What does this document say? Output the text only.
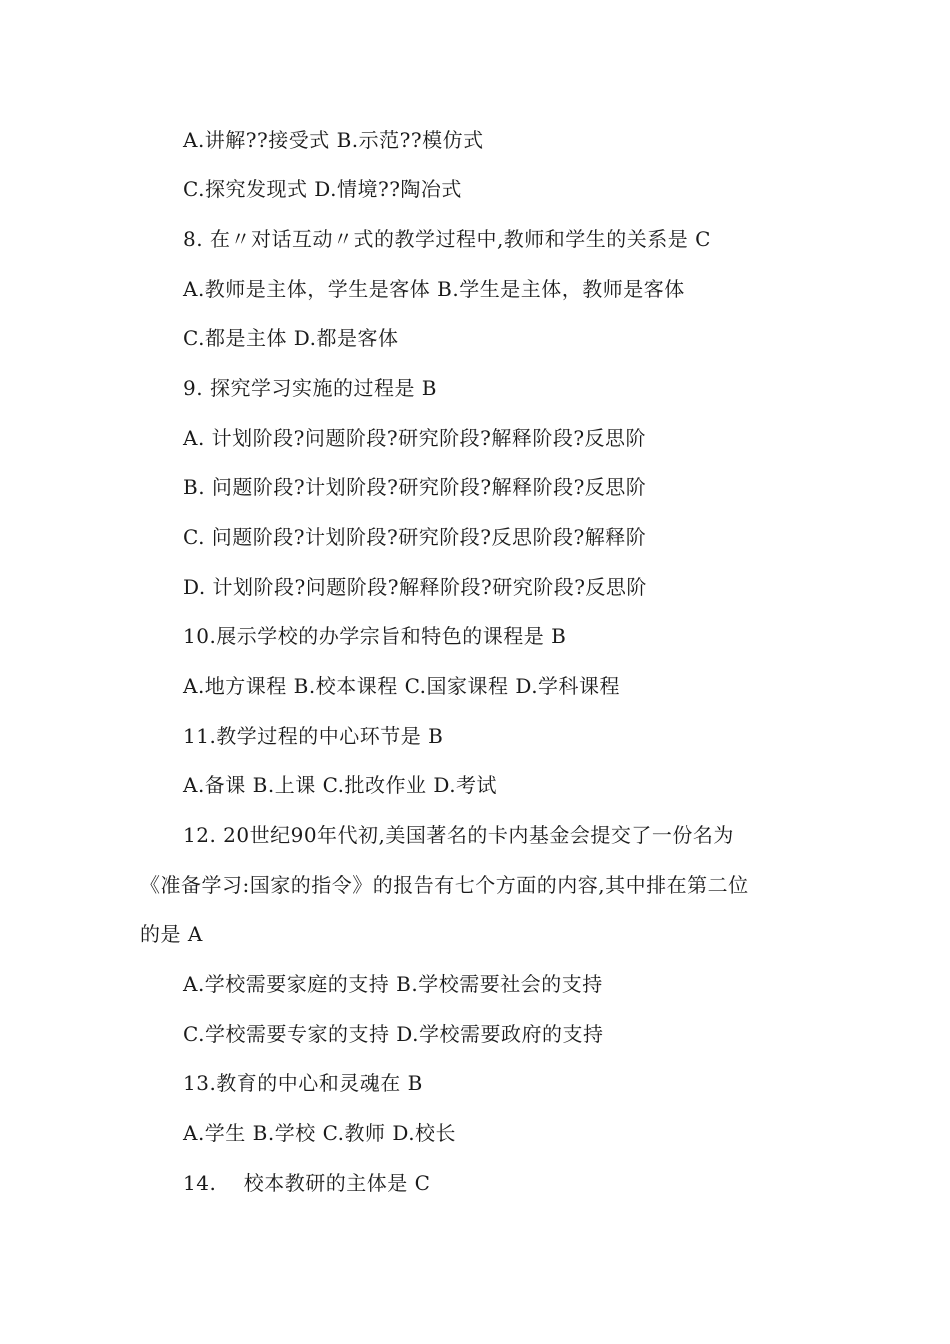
A.讲解??接受式 B.示范??模仿式
C.探究发现式 D.情境??陶冶式
8. 在〃对话互动〃式的教学过程中,教师和学生的关系是 C
A.教师是主体，学生是客体 B.学生是主体，教师是客体
C.都是主体 D.都是客体
9. 探究学习实施的过程是 B
A. 计划阶段?问题阶段?研究阶段?解释阶段?反思阶
B. 问题阶段?计划阶段?研究阶段?解释阶段?反思阶
C. 问题阶段?计划阶段?研究阶段?反思阶段?解释阶
D. 计划阶段?问题阶段?解释阶段?研究阶段?反思阶
10.展示学校的办学宗旨和特色的课程是 B
A.地方课程 B.校本课程 C.国家课程 D.学科课程
11.教学过程的中心环节是 B
A.备课 B.上课 C.批改作业 D.考试
12. 20世纪90年代初,美国著名的卡内基金会提交了一份名为
《准备学习:国家的指令》的报告有七个方面的内容,其中排在第二位
的是 A
A.学校需要家庭的支持 B.学校需要社会的支持
C.学校需要专家的支持 D.学校需要政府的支持
13.教育的中心和灵魂在 B
A.学生 B.学校 C.教师 D.校长
14.    校本教研的主体是 C
